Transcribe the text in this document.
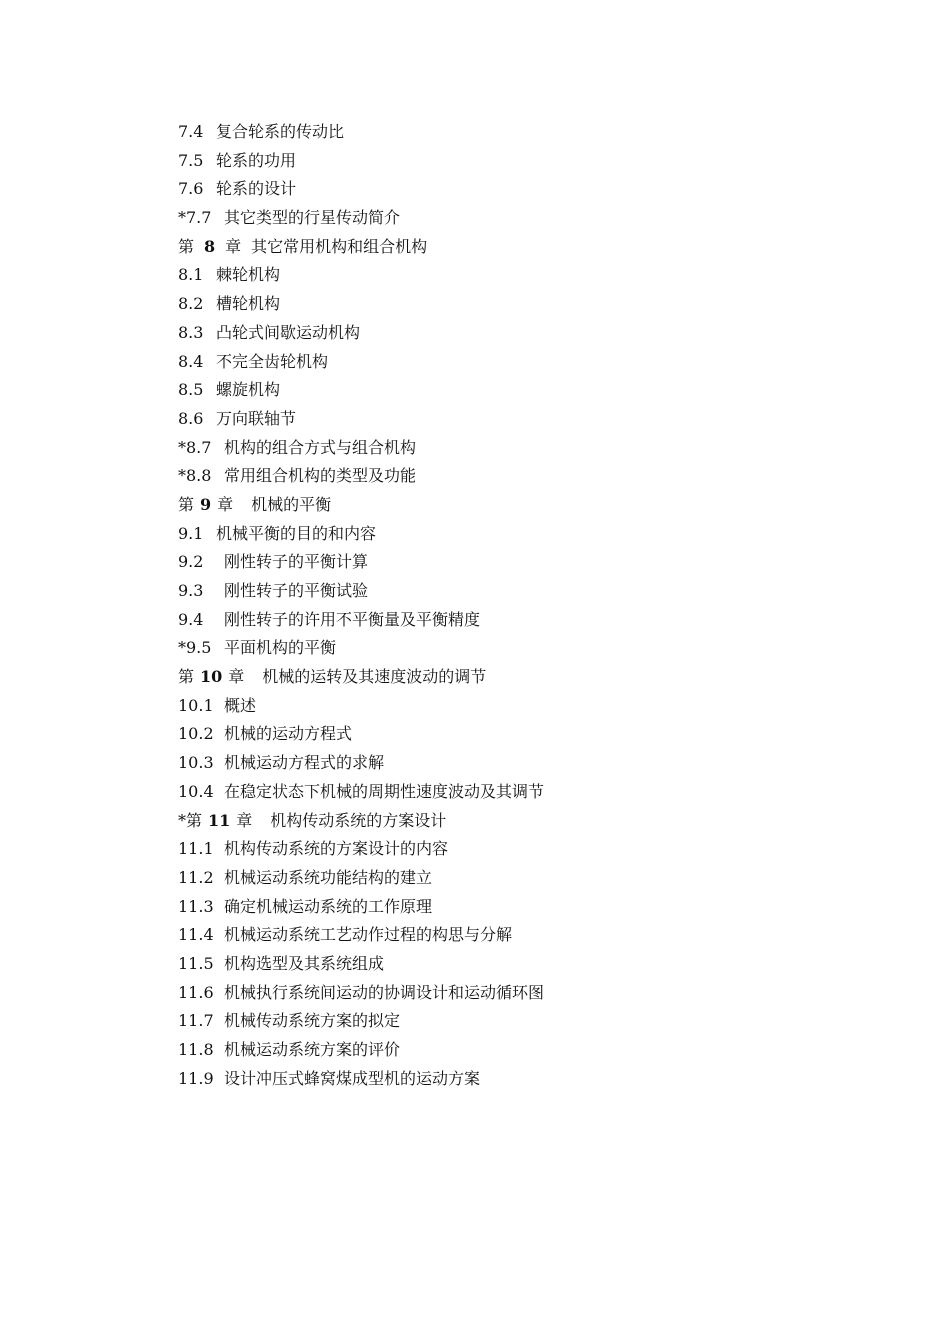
7.4 复合轮系的传动比
7.5 轮系的功用
7.6 轮系的设计
*7.7 其它类型的行星传动简介
第 8 章 其它常用机构和组合机构
8.1 棘轮机构
8.2 槽轮机构
8.3 凸轮式间歇运动机构
8.4 不完全齿轮机构
8.5 螺旋机构
8.6 万向联轴节
*8.7 机构的组合方式与组合机构
*8.8 常用组合机构的类型及功能
第 9 章 机械的平衡
9.1 机械平衡的目的和内容
9.2 刚性转子的平衡计算
9.3 刚性转子的平衡试验
9.4 刚性转子的许用不平衡量及平衡精度
*9.5 平面机构的平衡
第 10 章 机械的运转及其速度波动的调节
10.1 概述
10.2 机械的运动方程式
10.3 机械运动方程式的求解
10.4 在稳定状态下机械的周期性速度波动及其调节
*第 11 章 机构传动系统的方案设计
11.1 机构传动系统的方案设计的内容
11.2 机械运动系统功能结构的建立
11.3 确定机械运动系统的工作原理
11.4 机械运动系统工艺动作过程的构思与分解
11.5 机构选型及其系统组成
11.6 机械执行系统间运动的协调设计和运动循环图
11.7 机械传动系统方案的拟定
11.8 机械运动系统方案的评价
11.9 设计冲压式蜂窝煤成型机的运动方案
